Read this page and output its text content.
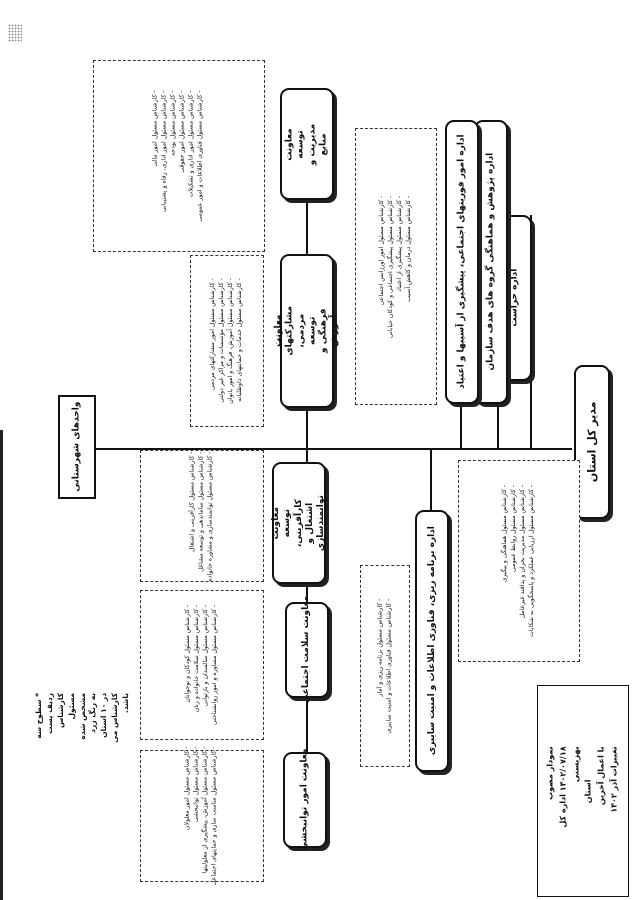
نمودار مصوب ۱۴۰۲/۰۷/۱۸ اداره کل بهزیستی
استان با اعمال آخرین تغییرات آذر ۱۴۰۲
مدیر کل استان
اداره حراست
اداره پژوهش و هماهنگی گروه های هدف سازمان
اداره امور فوریتهای اجتماعی، پیشگیری از آسیبها و اعتیاد
اداره برنامه ریزی، فناوری اطلاعات و امنیت سایبری
معاونت توسعه مدیریت و منابع
معاونت مشارکتهای مردمی، توسعه فرهنگی و آموزش
معاونت توسعه کارآفرینی، اشتغال و توانمندسازی
معاونت سلامت اجتماعی
معاونت امور توانبخشی
واحدهای شهرستانی
- کارشناس مسئول امور مالی - کارشناس مسئول امور اداری، رفاه و پشتیبانی - کارشناس مسئول بودجه - کارشناس مسئول امور حقوقی - کارشناس مسئول امور اداری و تشکیلات - کارشناس مسئول فناوری اطلاعات و امور عمومی
- کارشناس مسئول امور اورژانس اجتماعی - کارشناس مسئول پیشگیری اجتماعی و کودکان خیابانی - کارشناس مسئول پیشگیری از اعتیاد - کارشناس مسئول درمان و کاهش آسیب
- کارشناس مسئول امور مشارکتهای مردمی - کارشناس مسئول مؤسسات و مراکز غیر دولتی - کارشناس مسئول آموزش، فرهنگ و امور بانوان - کارشناس مسئول خدمات و حمایتهای داوطلبانه
- کارشناس مسئول هماهنگی و پیگیری - کارشناس مسئول روابط عمومی - کارشناس مسئول مدیریت بحران و پدافند غیرعامل - کارشناس مسئول ارزیابی عملکرد و پاسخگویی به شکایات
- کارشناس مسئول برنامه ریزی و آمار - کارشناس مسئول فناوری اطلاعات و امنیت سایبری
- کارشناس مسئول کارآفرینی و اشتغال - کارشناس مسئول ساماندهی و توسعه مشاغل - کارشناس مسئول توانمندسازی و مشاوره خانواده
- کارشناس مسئول کودکان و نوجوانان - کارشناس مسئول سلامت خانواده و زنان - کارشناس مسئول سالمندان و بازتوانی - کارشناس مسئول مشاوره و امور روانشناختی
- کارشناس مسئول امور معلولان - کارشناس مسئول توانبخشی - کارشناس مسئول آموزش، پیشگیری از معلولیتها - کارشناس مسئول مناسب سازی و حمایتهای اجتماعی
* سطوح سه ردیف پست کارشناس مسئول مشخص شده به رنگ زرد در ۱۰ استان کارشناس می باشد.
